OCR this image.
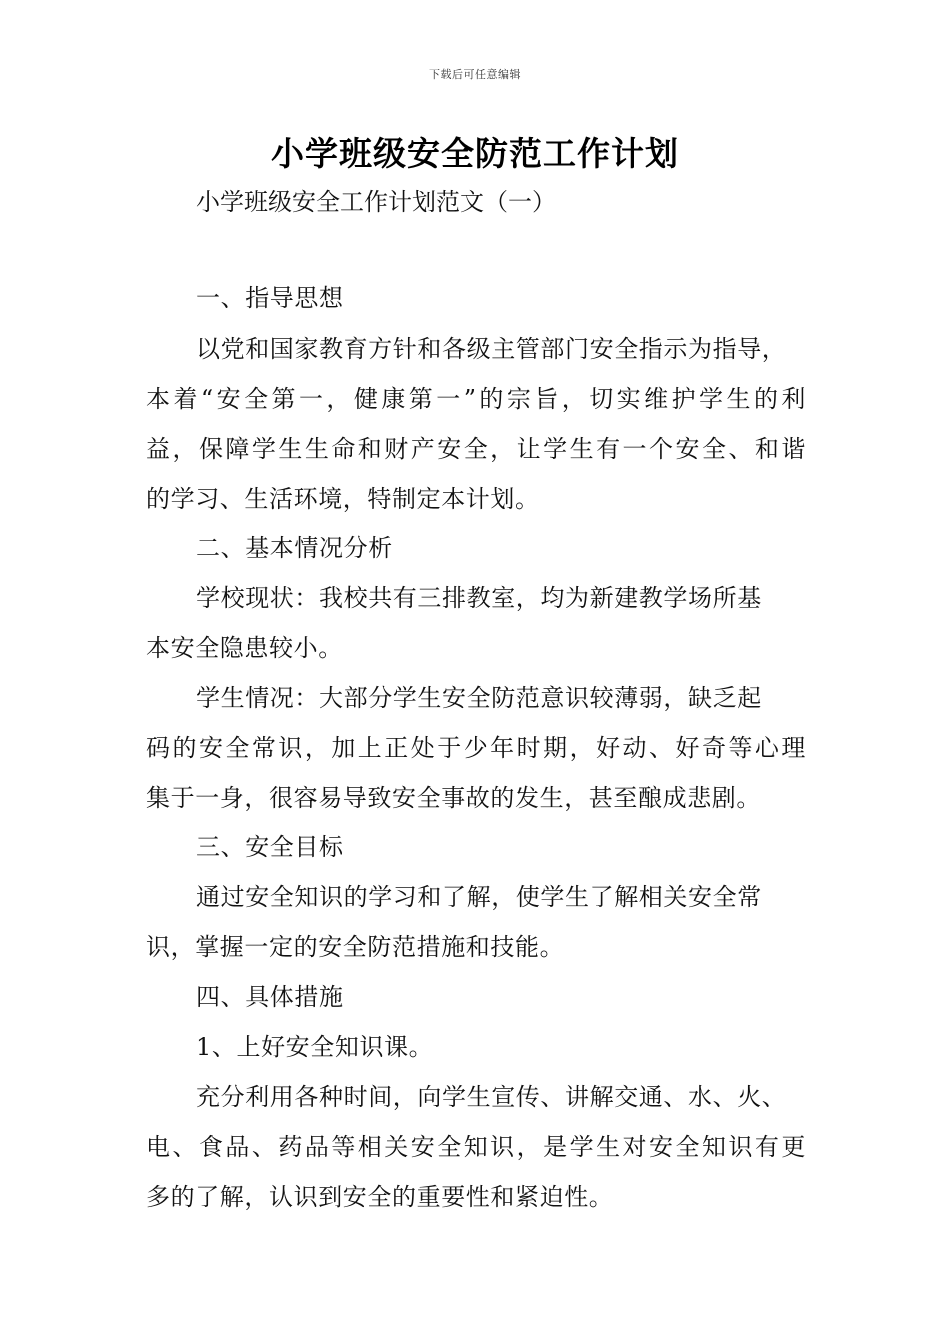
下载后可任意编辑
小学班级安全防范工作计划
小学班级安全工作计划范文（一）
一、指导思想
以党和国家教育方针和各级主管部门安全指示为指导，
本着“安全第一，健康第一”的宗旨，切实维护学生的利
益，保障学生生命和财产安全，让学生有一个安全、和谐
的学习、生活环境，特制定本计划。
二、基本情况分析
学校现状：我校共有三排教室，均为新建教学场所基
本安全隐患较小。
学生情况：大部分学生安全防范意识较薄弱，缺乏起
码的安全常识，加上正处于少年时期，好动、好奇等心理
集于一身，很容易导致安全事故的发生，甚至酿成悲剧。
三、安全目标
通过安全知识的学习和了解，使学生了解相关安全常
识，掌握一定的安全防范措施和技能。
四、具体措施
1、上好安全知识课。
充分利用各种时间，向学生宣传、讲解交通、水、火、
电、食品、药品等相关安全知识，是学生对安全知识有更
多的了解，认识到安全的重要性和紧迫性。
